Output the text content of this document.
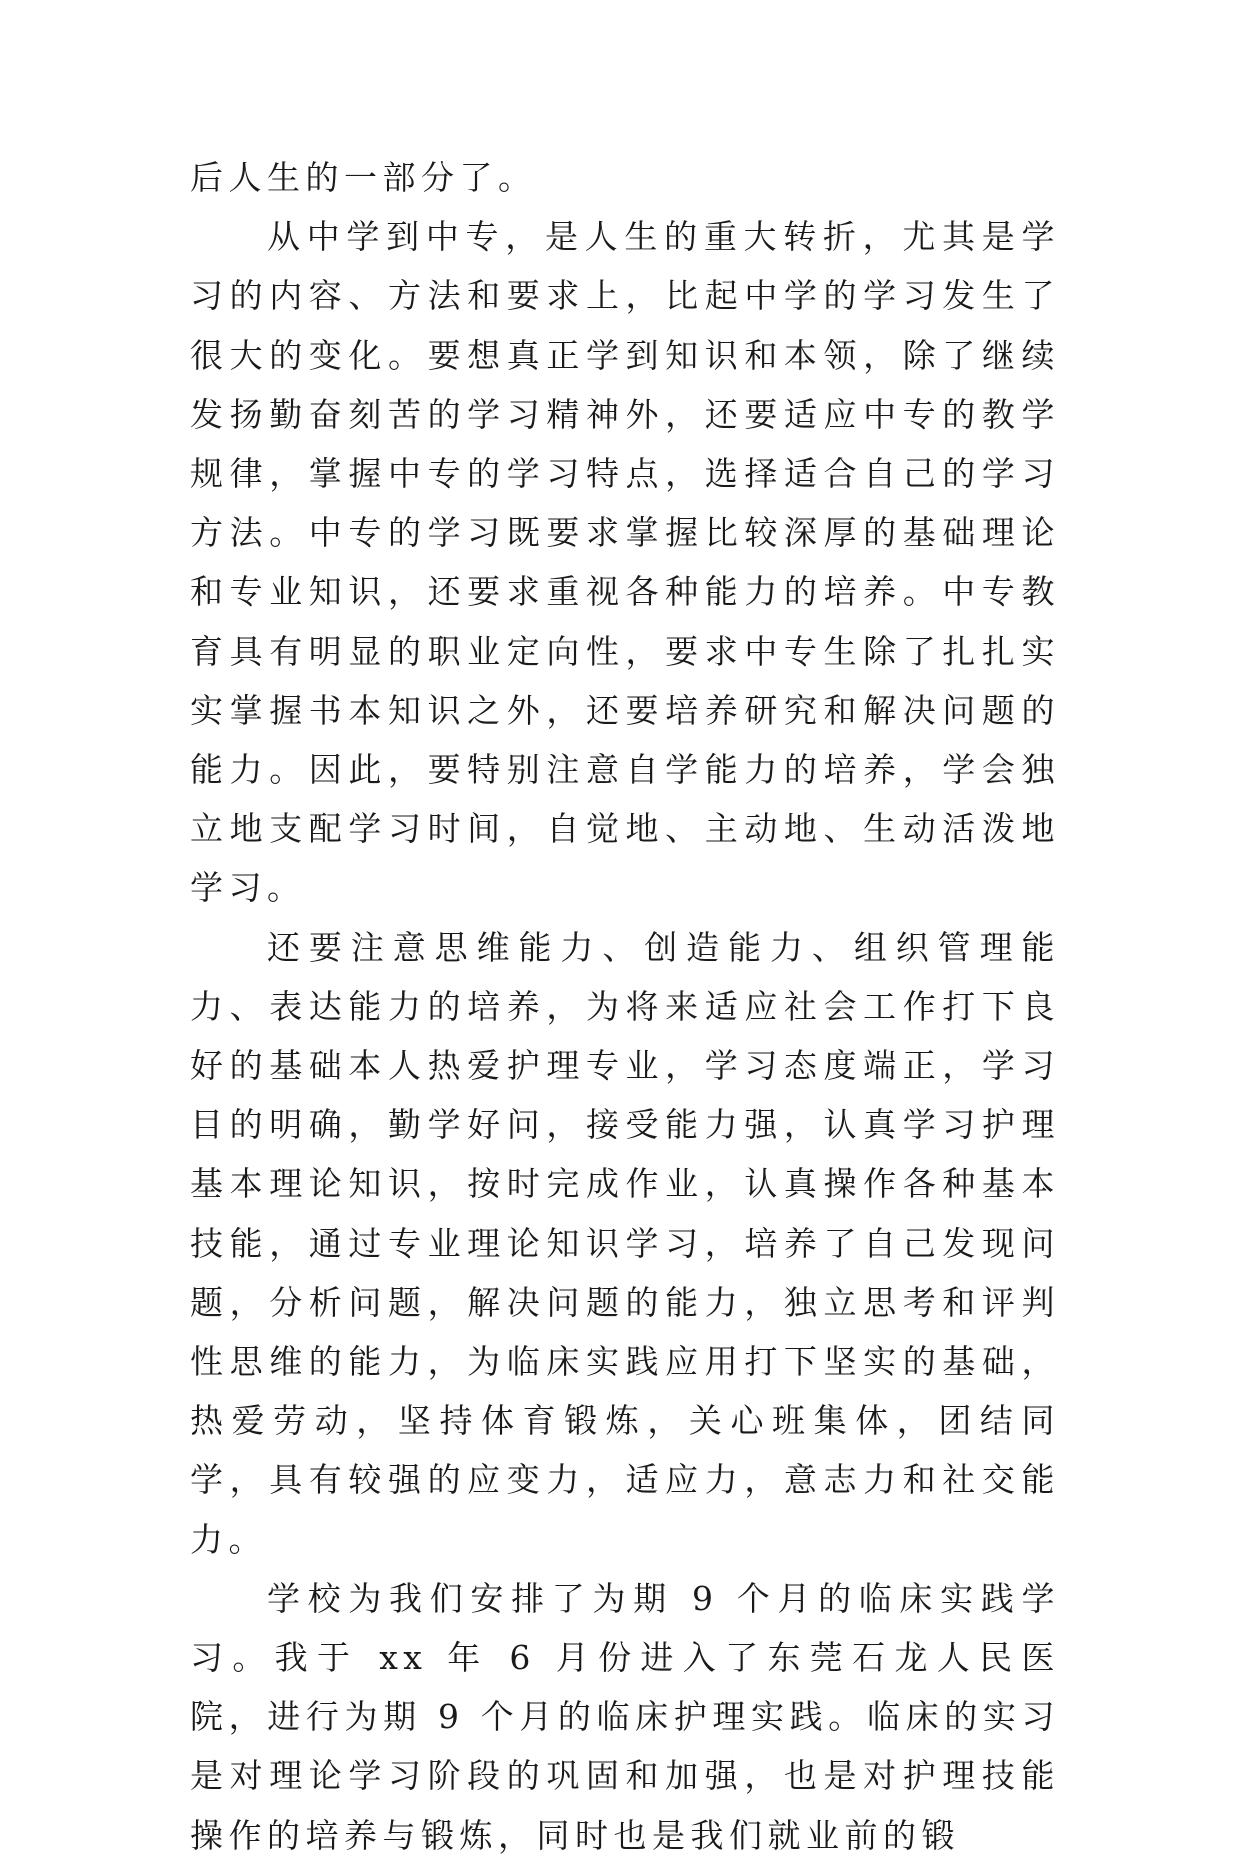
后人生的一部分了。

从中学到中专，是人生的重大转折，尤其是学习的内容、方法和要求上，比起中学的学习发生了很大的变化。要想真正学到知识和本领，除了继续发扬勤奋刻苦的学习精神外，还要适应中专的教学规律，掌握中专的学习特点，选择适合自己的学习方法。中专的学习既要求掌握比较深厚的基础理论和专业知识，还要求重视各种能力的培养。中专教育具有明显的职业定向性，要求中专生除了扎扎实实掌握书本知识之外，还要培养研究和解决问题的能力。因此，要特别注意自学能力的培养，学会独立地支配学习时间，自觉地、主动地、生动活泼地学习。

还要注意思维能力、创造能力、组织管理能力、表达能力的培养，为将来适应社会工作打下良好的基础本人热爱护理专业，学习态度端正，学习目的明确，勤学好问，接受能力强，认真学习护理基本理论知识，按时完成作业，认真操作各种基本技能，通过专业理论知识学习，培养了自己发现问题，分析问题，解决问题的能力，独立思考和评判性思维的能力，为临床实践应用打下坚实的基础，热爱劳动，坚持体育锻炼，关心班集体，团结同学，具有较强的应变力，适应力，意志力和社交能力。

学校为我们安排了为期 9 个月的临床实践学习。我于 xx 年 6 月份进入了东莞石龙人民医院，进行为期 9 个月的临床护理实践。临床的实习是对理论学习阶段的巩固和加强，也是对护理技能操作的培养与锻炼，同时也是我们就业前的锻
